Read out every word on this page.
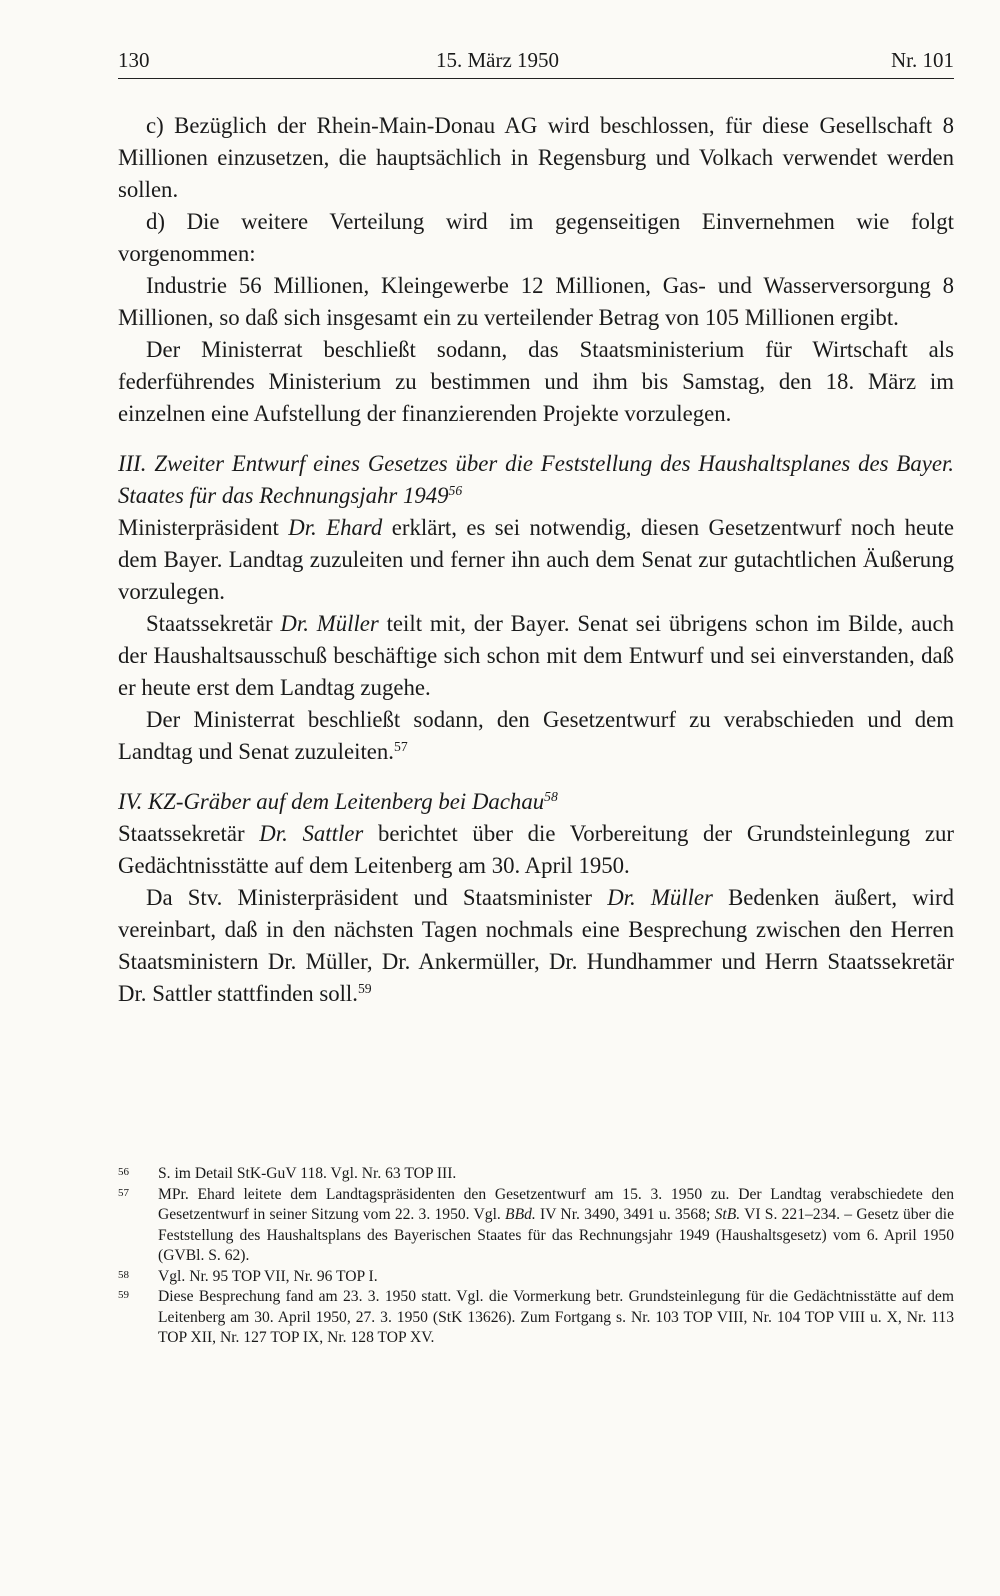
130	15. März 1950	Nr. 101

c) Bezüglich der Rhein-Main-Donau AG wird beschlossen, für diese Gesellschaft 8 Millionen einzusetzen, die hauptsächlich in Regensburg und Volkach verwendet werden sollen.

d) Die weitere Verteilung wird im gegenseitigen Einvernehmen wie folgt vorgenommen:

Industrie 56 Millionen, Kleingewerbe 12 Millionen, Gas- und Wasserversorgung 8 Millionen, so daß sich insgesamt ein zu verteilender Betrag von 105 Millionen ergibt.

Der Ministerrat beschließt sodann, das Staatsministerium für Wirtschaft als federführendes Ministerium zu bestimmen und ihm bis Samstag, den 18. März im einzelnen eine Aufstellung der finanzierenden Projekte vorzulegen.

III. Zweiter Entwurf eines Gesetzes über die Feststellung des Haushaltsplanes des Bayer. Staates für das Rechnungsjahr 1949$^{56}$

Ministerpräsident Dr. Ehard erklärt, es sei notwendig, diesen Gesetzentwurf noch heute dem Bayer. Landtag zuzuleiten und ferner ihn auch dem Senat zur gutachtlichen Äußerung vorzulegen.

Staatssekretär Dr. Müller teilt mit, der Bayer. Senat sei übrigens schon im Bilde, auch der Haushaltsausschuß beschäftige sich schon mit dem Entwurf und sei einverstanden, daß er heute erst dem Landtag zugehe.

Der Ministerrat beschließt sodann, den Gesetzentwurf zu verabschieden und dem Landtag und Senat zuzuleiten.$^{57}$

IV. KZ-Gräber auf dem Leitenberg bei Dachau$^{58}$

Staatssekretär Dr. Sattler berichtet über die Vorbereitung der Grundsteinlegung zur Gedächtnisstätte auf dem Leitenberg am 30. April 1950.

Da Stv. Ministerpräsident und Staatsminister Dr. Müller Bedenken äußert, wird vereinbart, daß in den nächsten Tagen nochmals eine Besprechung zwischen den Herren Staatsministern Dr. Müller, Dr. Ankermüller, Dr. Hundhammer und Herrn Staatssekretär Dr. Sattler stattfinden soll.$^{59}$

56 S. im Detail StK-GuV 118. Vgl. Nr. 63 TOP III.
57 MPr. Ehard leitete dem Landtagspräsidenten den Gesetzentwurf am 15. 3. 1950 zu. Der Landtag verabschiedete den Gesetzentwurf in seiner Sitzung vom 22. 3. 1950. Vgl. BBd. IV Nr. 3490, 3491 u. 3568; StB. VI S. 221–234. – Gesetz über die Feststellung des Haushaltsplans des Bayerischen Staates für das Rechnungsjahr 1949 (Haushaltsgesetz) vom 6. April 1950 (GVBl. S. 62).
58 Vgl. Nr. 95 TOP VII, Nr. 96 TOP I.
59 Diese Besprechung fand am 23. 3. 1950 statt. Vgl. die Vormerkung betr. Grundsteinlegung für die Gedächtnisstätte auf dem Leitenberg am 30. April 1950, 27. 3. 1950 (StK 13626). Zum Fortgang s. Nr. 103 TOP VIII, Nr. 104 TOP VIII u. X, Nr. 113 TOP XII, Nr. 127 TOP IX, Nr. 128 TOP XV.
